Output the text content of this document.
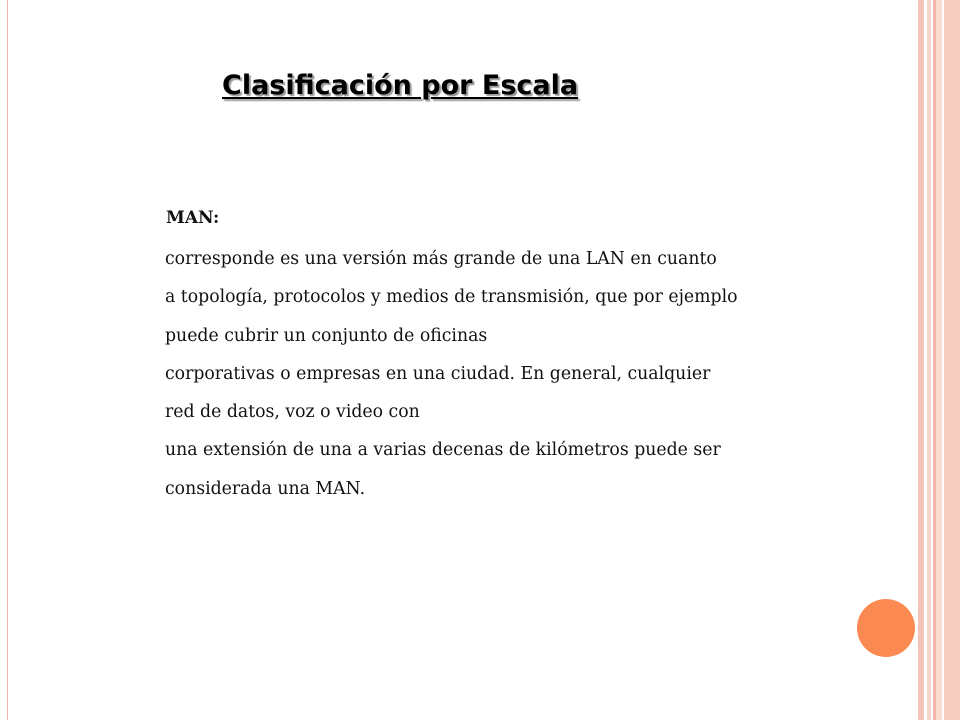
Clasificación por Escala

MAN:

corresponde es una versión más grande de una LAN en cuanto
a topología, protocolos y medios de transmisión, que por ejemplo
puede cubrir un conjunto de oficinas
corporativas o empresas en una ciudad. En general, cualquier
red de datos, voz o video con
una extensión de una a varias decenas de kilómetros puede ser
considerada una MAN.
